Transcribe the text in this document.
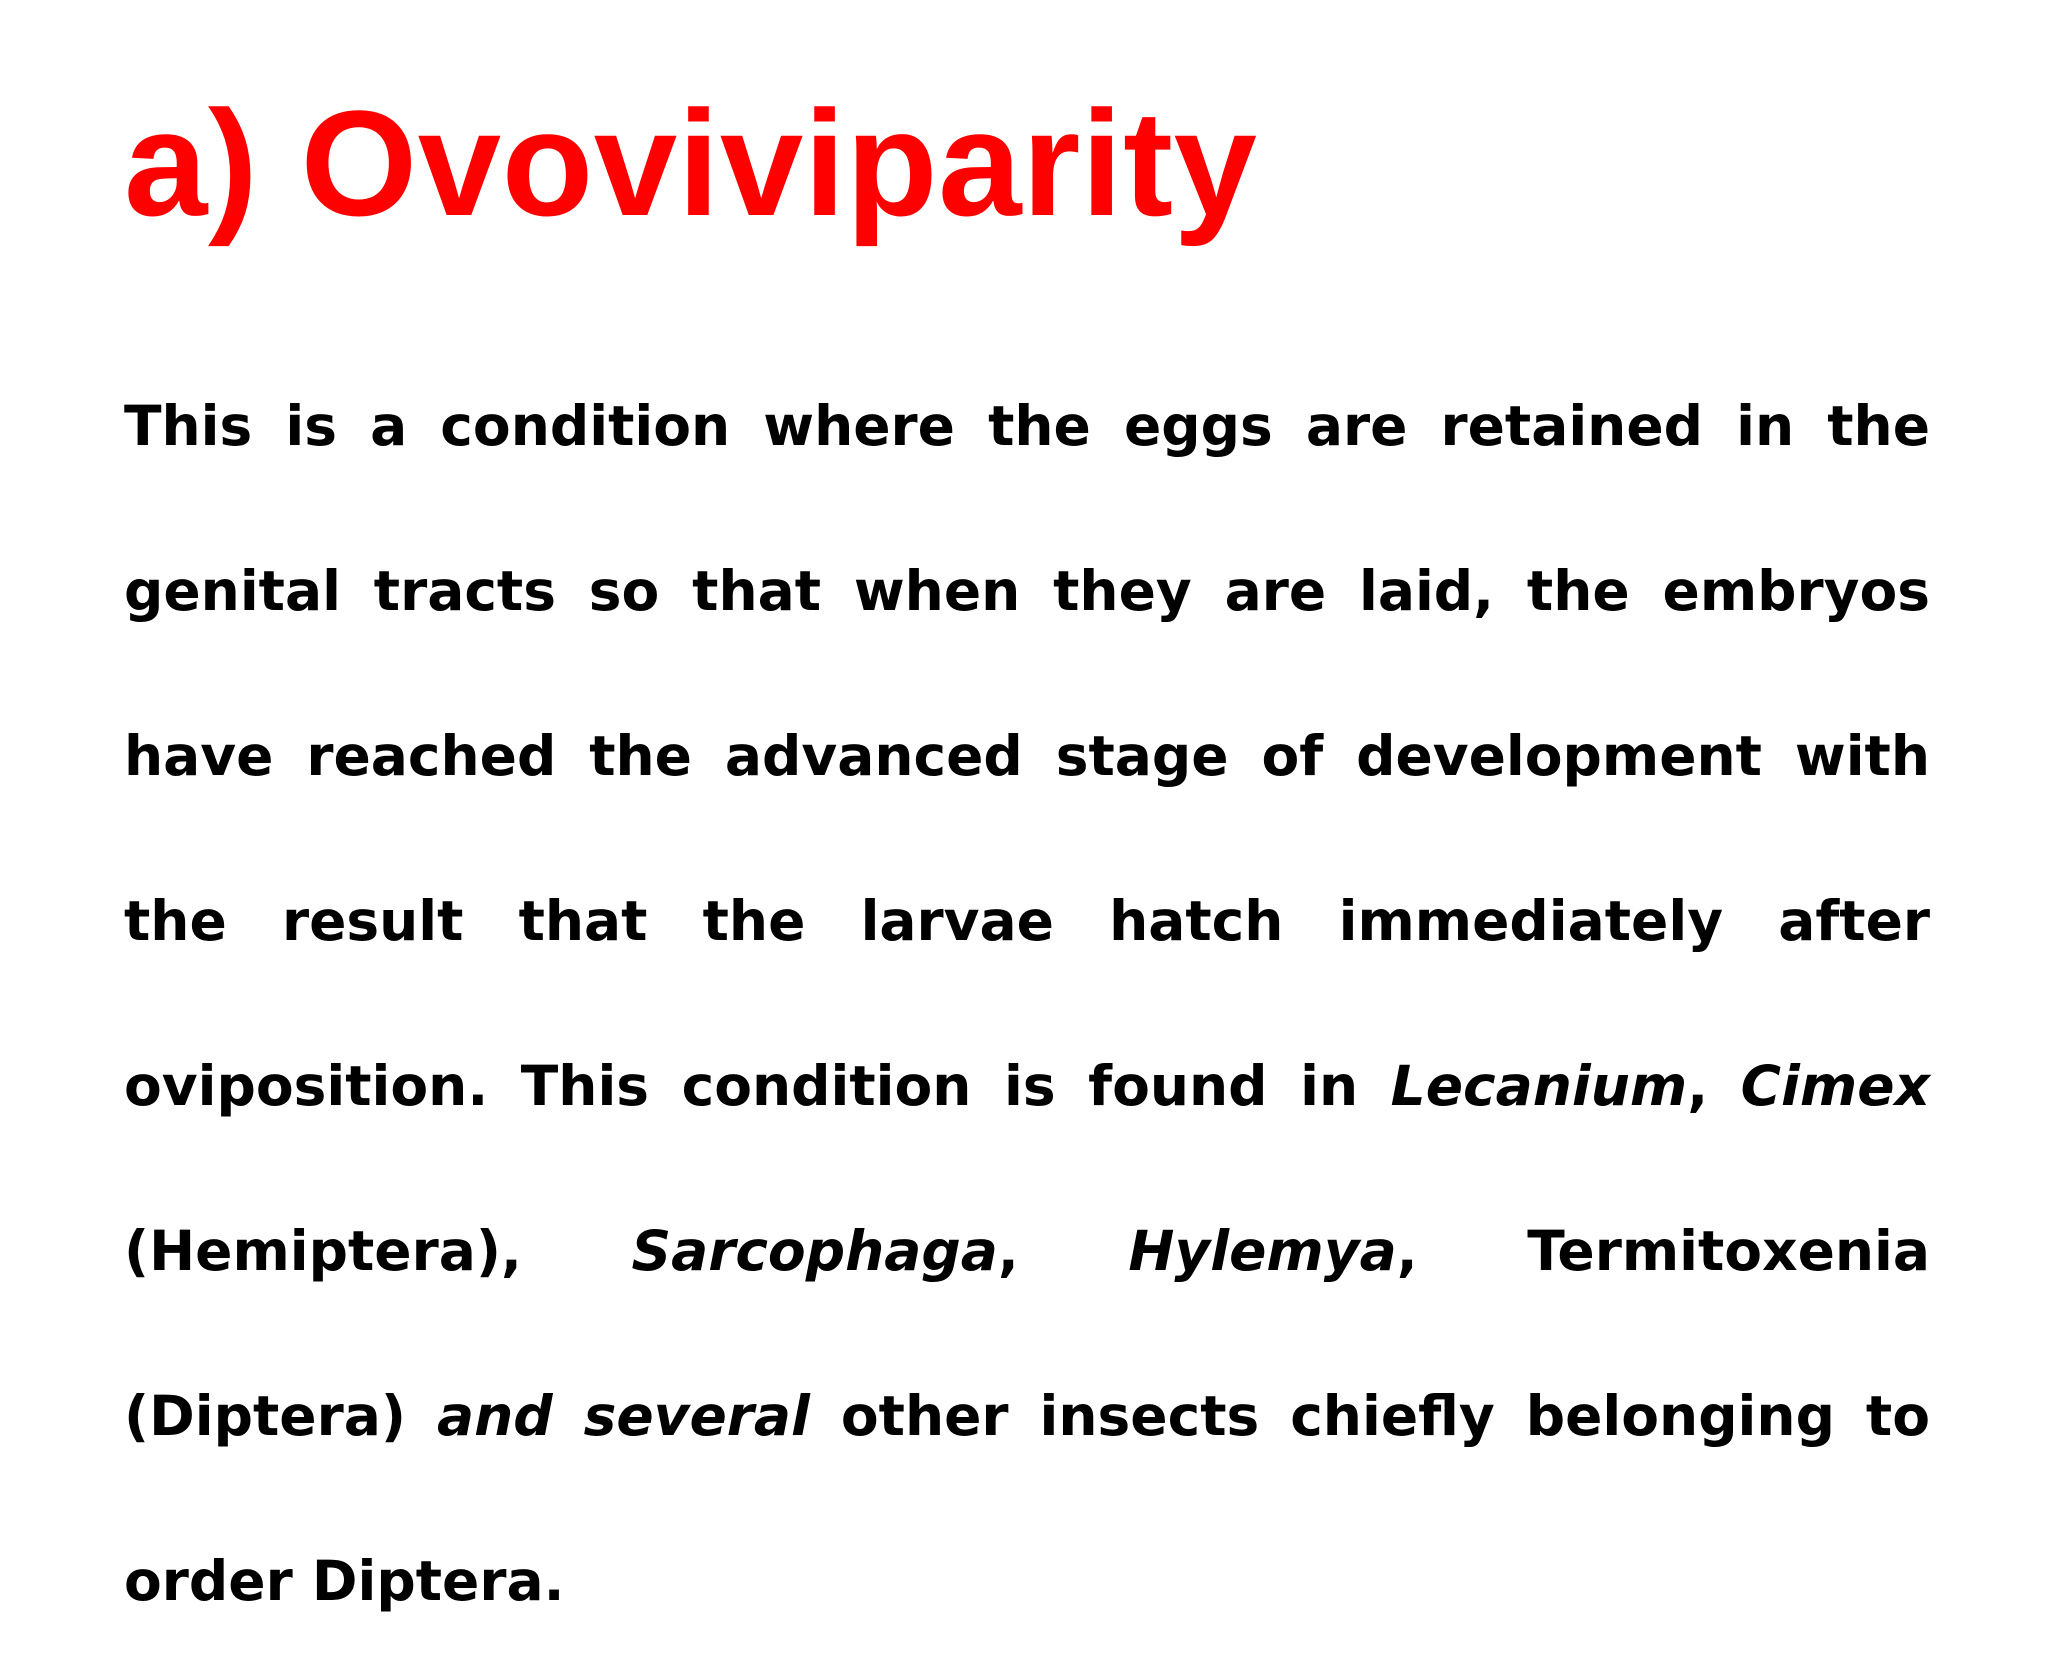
a) Ovoviviparity

This is a condition where the eggs are retained in the genital tracts so that when they are laid, the embryos have reached the advanced stage of development with the result that the larvae hatch immediately after oviposition. This condition is found in Lecanium, Cimex (Hemiptera), Sarcophaga, Hylemya, Termitoxenia (Diptera) and several other insects chiefly belonging to order Diptera.
